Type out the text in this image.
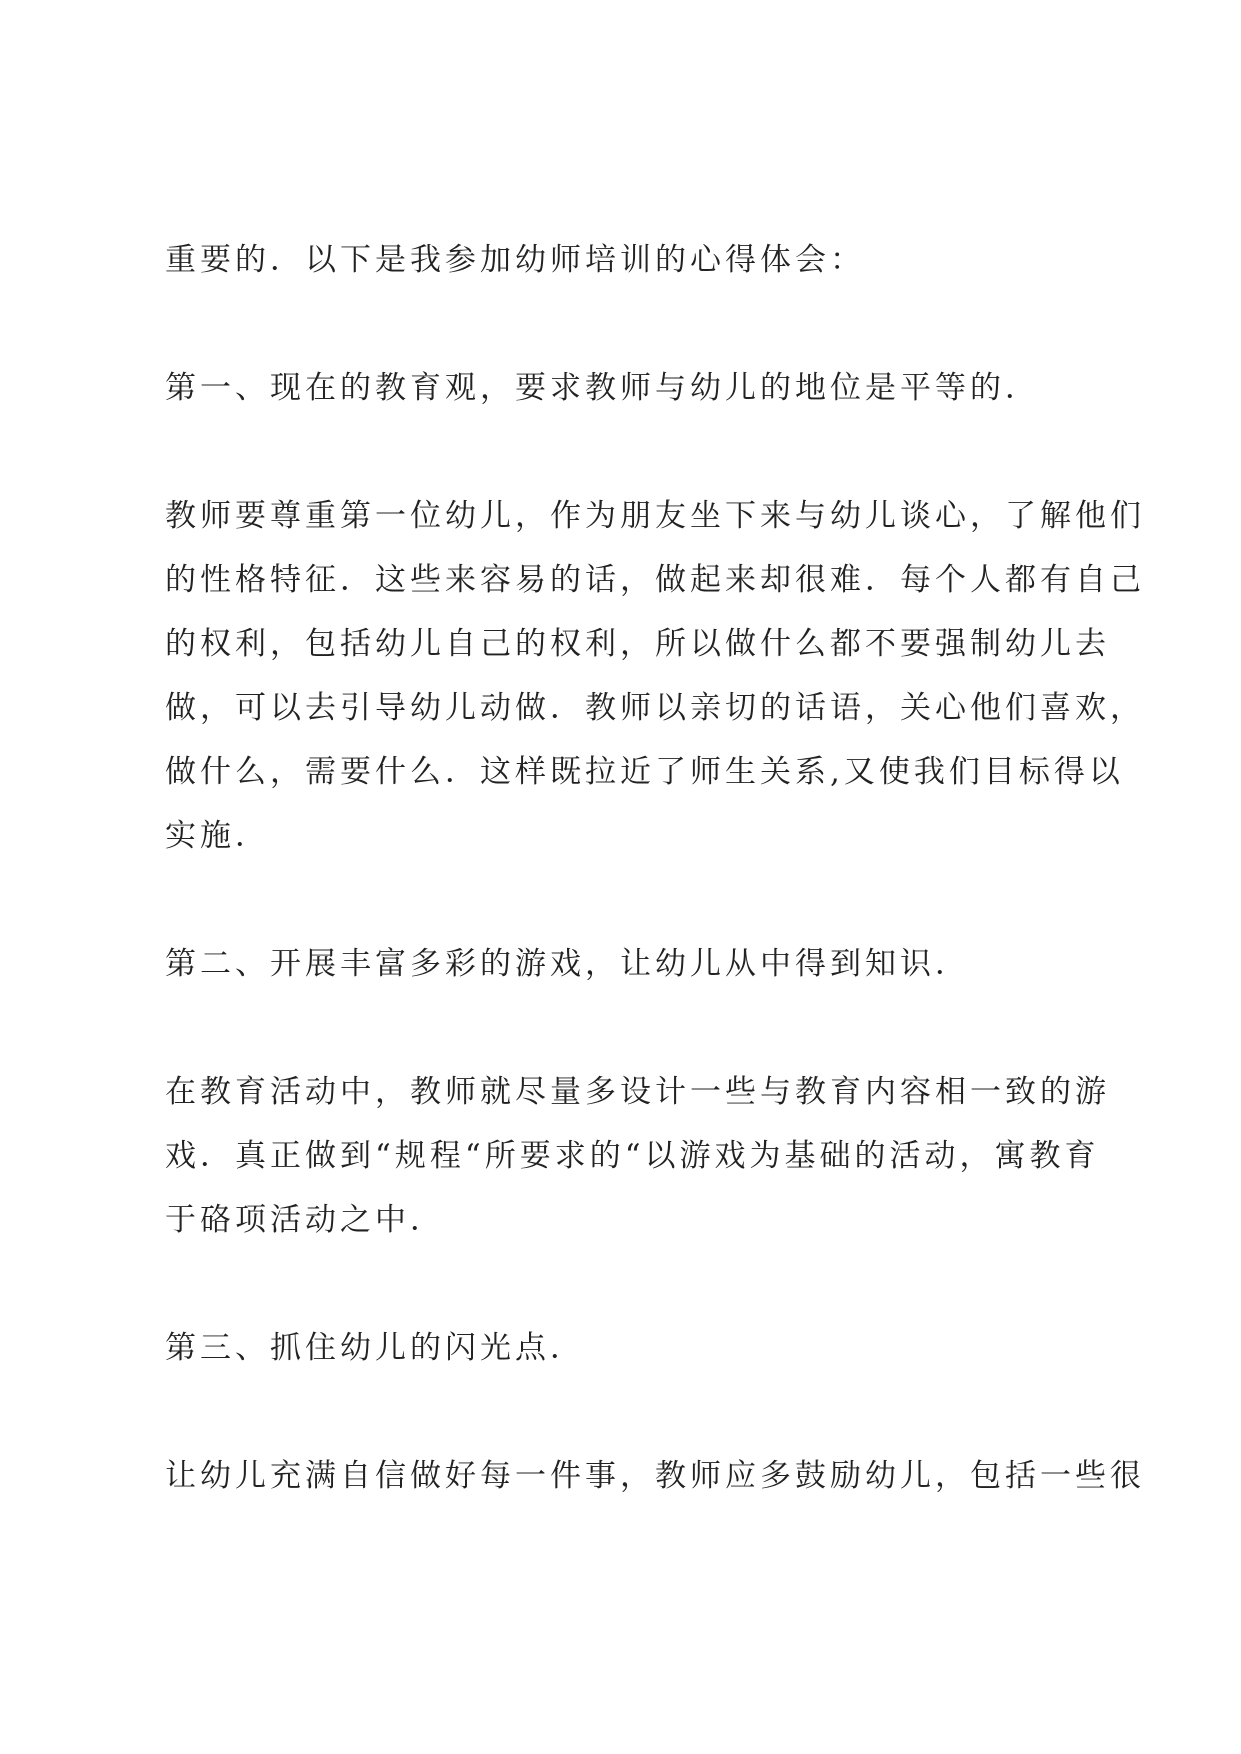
重要的．以下是我参加幼师培训的心得体会：
第一、现在的教育观，要求教师与幼儿的地位是平等的．
教师要尊重第一位幼儿，作为朋友坐下来与幼儿谈心，了解他们
的性格特征．这些来容易的话，做起来却很难．每个人都有自己
的权利，包括幼儿自己的权利，所以做什么都不要强制幼儿去
做，可以去引导幼儿动做．教师以亲切的话语，关心他们喜欢，
做什么，需要什么．这样既拉近了师生关系,又使我们目标得以
实施．
第二、开展丰富多彩的游戏，让幼儿从中得到知识．
在教育活动中，教师就尽量多设计一些与教育内容相一致的游
戏．真正做到“规程“所要求的“以游戏为基础的活动，寓教育
于硌项活动之中．
第三、抓住幼儿的闪光点．
让幼儿充满自信做好每一件事，教师应多鼓励幼儿，包括一些很
